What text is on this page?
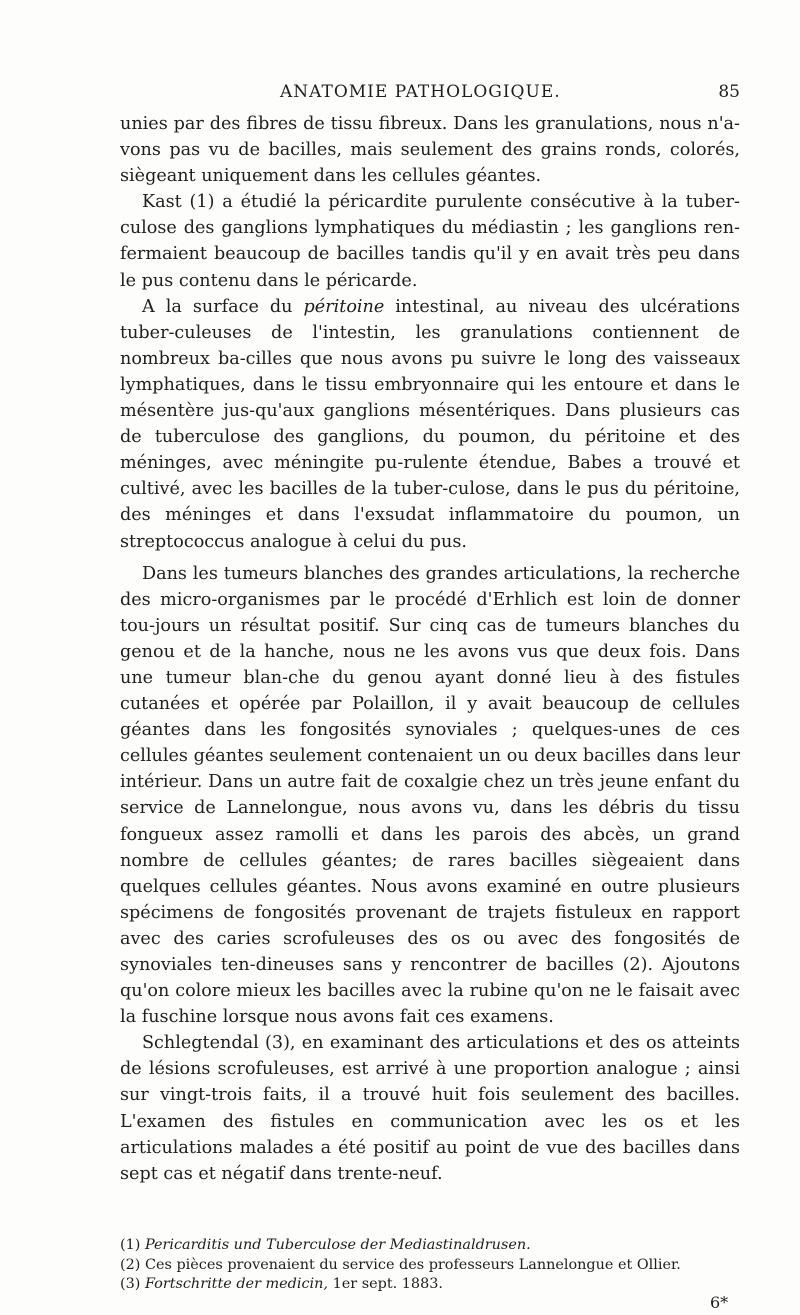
ANATOMIE PATHOLOGIQUE.	85

unies par des fibres de tissu fibreux. Dans les granulations, nous n'a-vons pas vu de bacilles, mais seulement des grains ronds, colorés, siègeant uniquement dans les cellules géantes.

Kast (1) a étudié la péricardite purulente consécutive à la tuber-culose des ganglions lymphatiques du médiastin ; les ganglions ren-fermaient beaucoup de bacilles tandis qu'il y en avait très peu dans le pus contenu dans le péricarde.

A la surface du péritoine intestinal, au niveau des ulcérations tuber-culeuses de l'intestin, les granulations contiennent de nombreux ba-cilles que nous avons pu suivre le long des vaisseaux lymphatiques, dans le tissu embryonnaire qui les entoure et dans le mésentère jus-qu'aux ganglions mésentériques. Dans plusieurs cas de tuberculose des ganglions, du poumon, du péritoine et des méninges, avec méningite pu-rulente étendue, Babes a trouvé et cultivé, avec les bacilles de la tuber-culose, dans le pus du péritoine, des méninges et dans l'exsudat inflammatoire du poumon, un streptococcus analogue à celui du pus.

Dans les tumeurs blanches des grandes articulations, la recherche des micro-organismes par le procédé d'Erhlich est loin de donner tou-jours un résultat positif. Sur cinq cas de tumeurs blanches du genou et de la hanche, nous ne les avons vus que deux fois. Dans une tumeur blan-che du genou ayant donné lieu à des fistules cutanées et opérée par Polaillon, il y avait beaucoup de cellules géantes dans les fongosités synoviales ; quelques-unes de ces cellules géantes seulement contenaient un ou deux bacilles dans leur intérieur. Dans un autre fait de coxalgie chez un très jeune enfant du service de Lannelongue, nous avons vu, dans les débris du tissu fongueux assez ramolli et dans les parois des abcès, un grand nombre de cellules géantes; de rares bacilles siègeaient dans quelques cellules géantes. Nous avons examiné en outre plusieurs spécimens de fongosités provenant de trajets fistuleux en rapport avec des caries scrofuleuses des os ou avec des fongosités de synoviales ten-dineuses sans y rencontrer de bacilles (2). Ajoutons qu'on colore mieux les bacilles avec la rubine qu'on ne le faisait avec la fuschine lorsque nous avons fait ces examens.

Schlegtendal (3), en examinant des articulations et des os atteints de lésions scrofuleuses, est arrivé à une proportion analogue ; ainsi sur vingt-trois faits, il a trouvé huit fois seulement des bacilles. L'examen des fistules en communication avec les os et les articulations malades a été positif au point de vue des bacilles dans sept cas et négatif dans trente-neuf.

(1) Pericarditis und Tuberculose der Mediastinaldrusen.

(2) Ces pièces provenaient du service des professeurs Lannelongue et Ollier.

(3) Fortschritte der medicin, 1er sept. 1883.

6*
